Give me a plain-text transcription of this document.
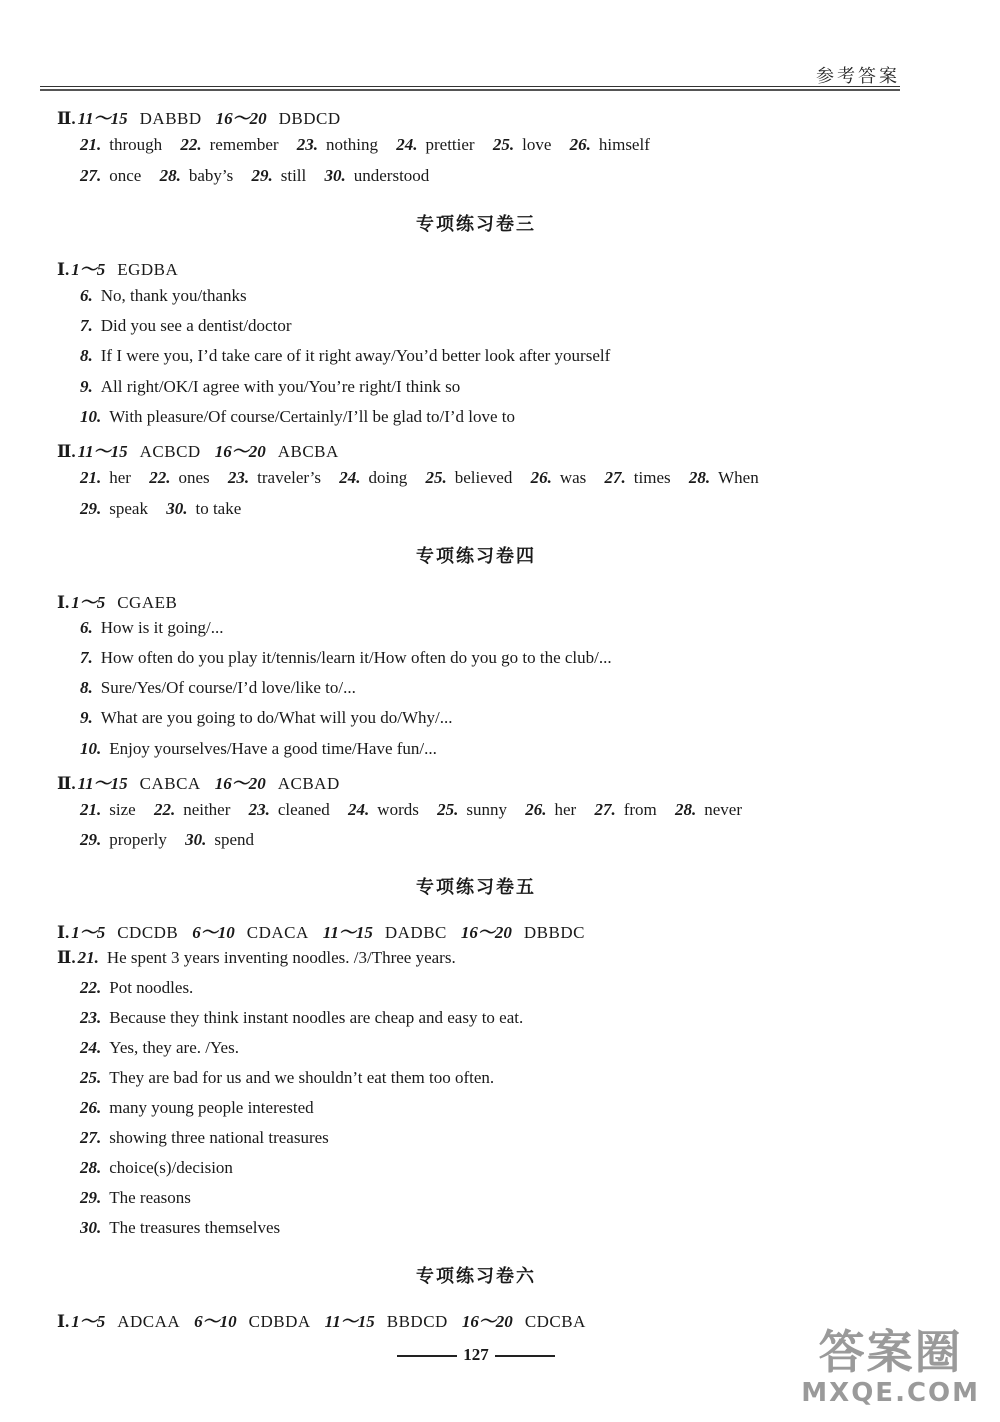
参考答案
Ⅱ. 11～15 DABBD 16～20 DBDCD
21. through 22. remember 23. nothing 24. prettier 25. love 26. himself
27. once 28. baby’s 29. still 30. understood
专项练习卷三
Ⅰ. 1～5 EGDBA
6. No, thank you/thanks
7. Did you see a dentist/doctor
8. If I were you, I’d take care of it right away/You’d better look after yourself
9. All right/OK/I agree with you/You’re right/I think so
10. With pleasure/Of course/Certainly/I’ll be glad to/I’d love to
Ⅱ. 11～15 ACBCD 16～20 ABCBA
21. her 22. ones 23. traveler’s 24. doing 25. believed 26. was 27. times 28. When
29. speak 30. to take
专项练习卷四
Ⅰ. 1～5 CGAEB
6. How is it going/...
7. How often do you play it/tennis/learn it/How often do you go to the club/...
8. Sure/Yes/Of course/I’d love/like to/...
9. What are you going to do/What will you do/Why/...
10. Enjoy yourselves/Have a good time/Have fun/...
Ⅱ. 11～15 CABCA 16～20 ACBAD
21. size 22. neither 23. cleaned 24. words 25. sunny 26. her 27. from 28. never
29. properly 30. spend
专项练习卷五
Ⅰ. 1～5 CDCDB 6～10 CDACA 11～15 DADBC 16～20 DBBDC
Ⅱ. 21. He spent 3 years inventing noodles. /3/Three years.
22. Pot noodles.
23. Because they think instant noodles are cheap and easy to eat.
24. Yes, they are. /Yes.
25. They are bad for us and we shouldn’t eat them too often.
26. many young people interested
27. showing three national treasures
28. choice(s)/decision
29. The reasons
30. The treasures themselves
专项练习卷六
Ⅰ. 1～5 ADCAA 6～10 CDBDA 11～15 BBDCD 16～20 CDCBA
127	答案圈
MXQE.COM
